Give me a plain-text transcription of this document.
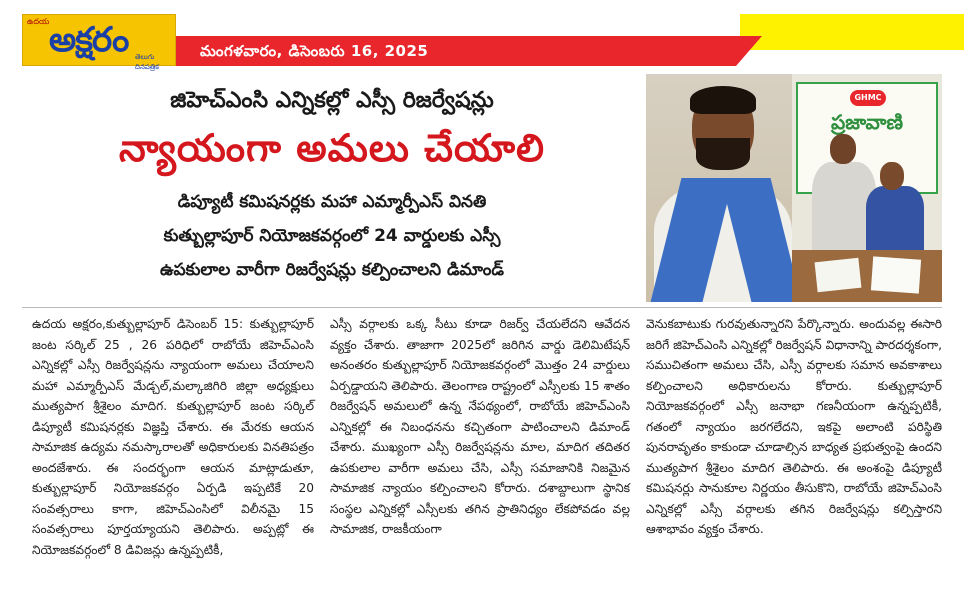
ఉదయ అక్షరం తెలుగు దినపత్రిక
మంగళవారం, డిసెంబరు 16, 2025
జిహెచ్ఎంసి ఎన్నికల్లో ఎస్సీ రిజర్వేషన్లు
న్యాయంగా అమలు చేయాలి
డిప్యూటీ కమిషనర్లకు మహా ఎమ్మార్పీఎస్ వినతి
కుత్బుల్లాపూర్ నియోజకవర్గంలో 24 వార్డులకు ఎస్సీ
ఉపకులాల వారీగా రిజర్వేషన్లు కల్పించాలని డిమాండ్
GHMC
ప్రజావాణి

ఉదయ అక్షరం,కుత్బుల్లాపూర్ డిసెంబర్ 15: కుత్బుల్లాపూర్ జంట సర్కిల్ 25 , 26 పరిధిలో రాబోయే జిహెచ్ఎంసి ఎన్నికల్లో ఎస్సీ రిజర్వేషన్లను న్యాయంగా అమలు చేయాలని మహా ఎమ్మార్పీఎస్ మేడ్చల్,మల్కాజిగిరి జిల్లా అధ్యక్షులు ముత్యపాగ శ్రీశైలం మాదిగ. కుత్బుల్లాపూర్ జంట సర్కిల్ డిప్యూటీ కమిషనర్లకు విజ్ఞప్తి చేశారు. ఈ మేరకు ఆయన సామాజిక ఉద్యమ నమస్కారాలతో అధికారులకు వినతిపత్రం అందజేశారు. ఈ సందర్భంగా ఆయన మాట్లాడుతూ, కుత్బుల్లాపూర్ నియోజకవర్గం ఏర్పడి ఇప్పటికే 20 సంవత్సరాలు కాగా, జిహెచ్ఎంసిలో విలీనమై 15 సంవత్సరాలు పూర్తయ్యాయని తెలిపారు. అప్పట్లో ఈ నియోజకవర్గంలో 8 డివిజన్లు ఉన్నప్పటికీ,

ఎస్సీ వర్గాలకు ఒక్క సీటు కూడా రిజర్వ్ చేయలేదని ఆవేదన వ్యక్తం చేశారు. తాజాగా 2025లో జరిగిన వార్డు డెలిమిటేషన్ అనంతరం కుత్బుల్లాపూర్ నియోజకవర్గంలో మొత్తం 24 వార్డులు ఏర్పడ్డాయని తెలిపారు. తెలంగాణ రాష్ట్రంలో ఎస్సీలకు 15 శాతం రిజర్వేషన్ అమలులో ఉన్న నేపథ్యంలో, రాబోయే జిహెచ్ఎంసి ఎన్నికల్లో ఈ నిబంధనను కచ్చితంగా పాటించాలని డిమాండ్ చేశారు. ముఖ్యంగా ఎస్సీ రిజర్వేషన్లను మాల, మాదిగ తదితర ఉపకులాల వారీగా అమలు చేసి, ఎస్సీ సమాజానికి నిజమైన సామాజిక న్యాయం కల్పించాలని కోరారు. దశాబ్దాలుగా స్థానిక సంస్థల ఎన్నికల్లో ఎస్సీలకు తగిన ప్రాతినిధ్యం లేకపోవడం వల్ల సామాజిక, రాజకీయంగా

వెనుకబాటుకు గురవుతున్నారని పేర్కొన్నారు. అందువల్ల ఈసారి జరిగే జిహెచ్ఎంసి ఎన్నికల్లో రిజర్వేషన్ విధానాన్ని పారదర్శకంగా, సముచితంగా అమలు చేసి, ఎస్సీ వర్గాలకు సమాన అవకాశాలు కల్పించాలని అధికారులను కోరారు. కుత్బుల్లాపూర్ నియోజకవర్గంలో ఎస్సీ జనాభా గణనీయంగా ఉన్నప్పటికీ, గతంలో న్యాయం జరగలేదని, ఇకపై అలాంటి పరిస్థితి పునరావృతం కాకుండా చూడాల్సిన బాధ్యత ప్రభుత్వంపై ఉందని ముత్యపాగ శ్రీశైలం మాదిగ తెలిపారు. ఈ అంశంపై డిప్యూటీ కమిషనర్లు సానుకూల నిర్ణయం తీసుకొని, రాబోయే జిహెచ్ఎంసి ఎన్నికల్లో ఎస్సీ వర్గాలకు తగిన రిజర్వేషన్లు కల్పిస్తారని ఆశాభావం వ్యక్తం చేశారు.
